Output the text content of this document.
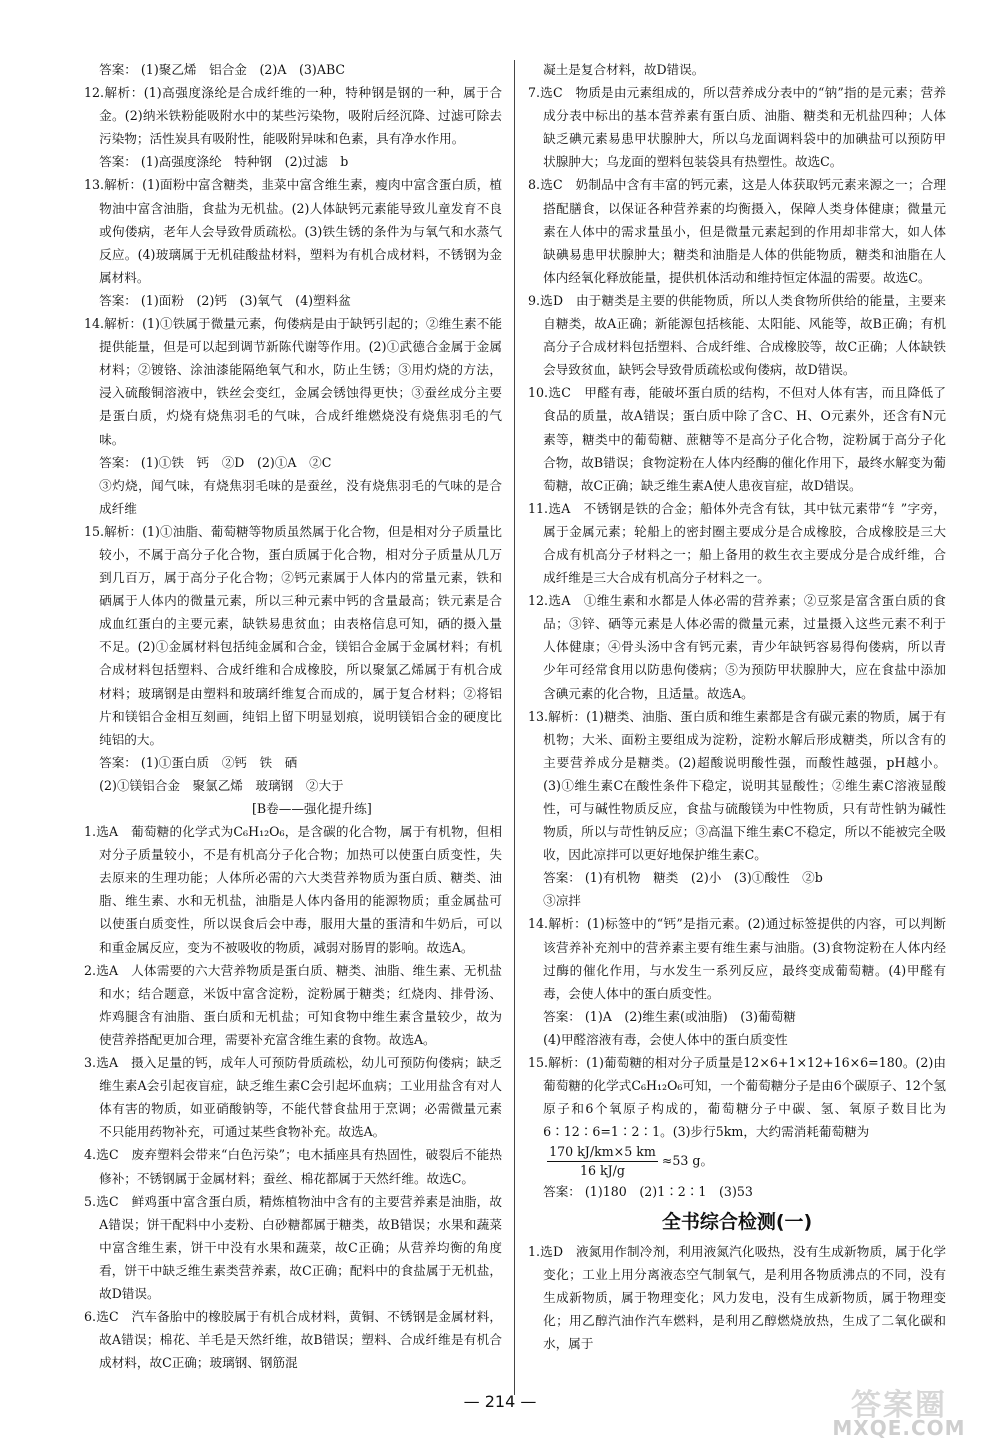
答案： (1)聚乙烯　铝合金　(2)A　(3)ABC

12.解析：(1)高强度涤纶是合成纤维的一种，特种钢是钢的一种，属于合金。(2)纳米铁粉能吸附水中的某些污染物，吸附后经沉降、过滤可除去污染物；活性炭具有吸附性，能吸附异味和色素，具有净水作用。

答案： (1)高强度涤纶　特种钢　(2)过滤　b

13.解析：(1)面粉中富含糖类，韭菜中富含维生素，瘦肉中富含蛋白质，植物油中富含油脂，食盐为无机盐。(2)人体缺钙元素能导致儿童发育不良或佝偻病，老年人会导致骨质疏松。(3)铁生锈的条件为与氧气和水蒸气反应。(4)玻璃属于无机硅酸盐材料，塑料为有机合成材料，不锈钢为金属材料。

答案： (1)面粉　(2)钙　(3)氧气　(4)塑料盆

14.解析：(1)①铁属于微量元素，佝偻病是由于缺钙引起的；②维生素不能提供能量，但是可以起到调节新陈代谢等作用。(2)①武德合金属于金属材料；②镀铬、涂油漆能隔绝氧气和水，防止生锈；③用灼烧的方法，浸入硫酸铜溶液中，铁丝会变红，金属会锈蚀得更快；③蚕丝成分主要是蛋白质，灼烧有烧焦羽毛的气味，合成纤维燃烧没有烧焦羽毛的气味。

答案： (1)①铁　钙　②D　(2)①A　②C

③灼烧，闻气味，有烧焦羽毛味的是蚕丝，没有烧焦羽毛的气味的是合成纤维

15.解析：(1)①油脂、葡萄糖等物质虽然属于化合物，但是相对分子质量比较小，不属于高分子化合物，蛋白质属于化合物，相对分子质量从几万到几百万，属于高分子化合物；②钙元素属于人体内的常量元素，铁和硒属于人体内的微量元素，所以三种元素中钙的含量最高；铁元素是合成血红蛋白的主要元素，缺铁易患贫血；由表格信息可知，硒的摄入量不足。(2)①金属材料包括纯金属和合金，镁铝合金属于金属材料；有机合成材料包括塑料、合成纤维和合成橡胶，所以聚氯乙烯属于有机合成材料；玻璃钢是由塑料和玻璃纤维复合而成的，属于复合材料；②将铝片和镁铝合金相互刻画，纯铝上留下明显划痕，说明镁铝合金的硬度比纯铝的大。

答案： (1)①蛋白质　②钙　铁　硒

(2)①镁铝合金　聚氯乙烯　玻璃钢　②大于

[B卷——强化提升练]

1.选A　葡萄糖的化学式为C₆H₁₂O₆，是含碳的化合物，属于有机物，但相对分子质量较小，不是有机高分子化合物；加热可以使蛋白质变性，失去原来的生理功能；人体所必需的六大类营养物质为蛋白质、糖类、油脂、维生素、水和无机盐，油脂是人体内备用的能源物质；重金属盐可以使蛋白质变性，所以误食后会中毒，服用大量的蛋清和牛奶后，可以和重金属反应，变为不被吸收的物质，减弱对肠胃的影响。故选A。

2.选A　人体需要的六大营养物质是蛋白质、糖类、油脂、维生素、无机盐和水；结合题意，米饭中富含淀粉，淀粉属于糖类；红烧肉、排骨汤、炸鸡腿含有油脂、蛋白质和无机盐；可知食物中维生素含量较少，故为使营养搭配更加合理，需要补充富含维生素的食物。故选A。

3.选A　摄入足量的钙，成年人可预防骨质疏松，幼儿可预防佝偻病；缺乏维生素A会引起夜盲症，缺乏维生素C会引起坏血病；工业用盐含有对人体有害的物质，如亚硝酸钠等，不能代替食盐用于烹调；必需微量元素不只能用药物补充，可通过某些食物补充。故选A。

4.选C　废弃塑料会带来“白色污染”；电木插座具有热固性，破裂后不能热修补；不锈钢属于金属材料；蚕丝、棉花都属于天然纤维。故选C。

5.选C　鲜鸡蛋中富含蛋白质，精炼植物油中含有的主要营养素是油脂，故A错误；饼干配料中小麦粉、白砂糖都属于糖类，故B错误；水果和蔬菜中富含维生素，饼干中没有水果和蔬菜，故C正确；从营养均衡的角度看，饼干中缺乏维生素类营养素，故C正确；配料中的食盐属于无机盐，故D错误。

6.选C　汽车备胎中的橡胶属于有机合成材料，黄铜、不锈钢是金属材料，故A错误；棉花、羊毛是天然纤维，故B错误；塑料、合成纤维是有机合成材料，故C正确；玻璃钢、钢筋混

凝土是复合材料，故D错误。

7.选C　物质是由元素组成的，所以营养成分表中的“钠”指的是元素；营养成分表中标出的基本营养素有蛋白质、油脂、糖类和无机盐四种；人体缺乏碘元素易患甲状腺肿大，所以乌龙面调料袋中的加碘盐可以预防甲状腺肿大；乌龙面的塑料包装袋具有热塑性。故选C。

8.选C　奶制品中含有丰富的钙元素，这是人体获取钙元素来源之一；合理搭配膳食，以保证各种营养素的均衡摄入，保障人类身体健康；微量元素在人体中的需求量虽小，但是微量元素起到的作用却非常大，如人体缺碘易患甲状腺肿大；糖类和油脂是人体的供能物质，糖类和油脂在人体内经氧化释放能量，提供机体活动和维持恒定体温的需要。故选C。

9.选D　由于糖类是主要的供能物质，所以人类食物所供给的能量，主要来自糖类，故A正确；新能源包括核能、太阳能、风能等，故B正确；有机高分子合成材料包括塑料、合成纤维、合成橡胶等，故C正确；人体缺铁会导致贫血，缺钙会导致骨质疏松或佝偻病，故D错误。

10.选C　甲醛有毒，能破坏蛋白质的结构，不但对人体有害，而且降低了食品的质量，故A错误；蛋白质中除了含C、H、O元素外，还含有N元素等，糖类中的葡萄糖、蔗糖等不是高分子化合物，淀粉属于高分子化合物，故B错误；食物淀粉在人体内经酶的催化作用下，最终水解变为葡萄糖，故C正确；缺乏维生素A使人患夜盲症，故D错误。

11.选A　不锈钢是铁的合金；船体外壳含有钛，其中钛元素带“钅”字旁，属于金属元素；轮船上的密封圈主要成分是合成橡胶，合成橡胶是三大合成有机高分子材料之一；船上备用的救生衣主要成分是合成纤维，合成纤维是三大合成有机高分子材料之一。

12.选A　①维生素和水都是人体必需的营养素；②豆浆是富含蛋白质的食品；③锌、硒等元素是人体必需的微量元素，过量摄入这些元素不利于人体健康；④骨头汤中含有钙元素，青少年缺钙容易得佝偻病，所以青少年可经常食用以防患佝偻病；⑤为预防甲状腺肿大，应在食盐中添加含碘元素的化合物，且适量。故选A。

13.解析：(1)糖类、油脂、蛋白质和维生素都是含有碳元素的物质，属于有机物；大米、面粉主要组成为淀粉，淀粉水解后形成糖类，所以含有的主要营养成分是糖类。(2)超酸说明酸性强，而酸性越强，pH越小。(3)①维生素C在酸性条件下稳定，说明其显酸性；②维生素C溶液显酸性，可与碱性物质反应，食盐与硫酸镁为中性物质，只有苛性钠为碱性物质，所以与苛性钠反应；③高温下维生素C不稳定，所以不能被完全吸收，因此凉拌可以更好地保护维生素C。

答案： (1)有机物　糖类　(2)小　(3)①酸性　②b

③凉拌

14.解析：(1)标签中的“钙”是指元素。(2)通过标签提供的内容，可以判断该营养补充剂中的营养素主要有维生素与油脂。(3)食物淀粉在人体内经过酶的催化作用，与水发生一系列反应，最终变成葡萄糖。(4)甲醛有毒，会使人体中的蛋白质变性。

答案： (1)A　(2)维生素(或油脂)　(3)葡萄糖

(4)甲醛溶液有毒，会使人体中的蛋白质变性

15.解析：(1)葡萄糖的相对分子质量是12×6+1×12+16×6=180。(2)由葡萄糖的化学式C₆H₁₂O₆可知，一个葡萄糖分子是由6个碳原子、12个氢原子和6个氧原子构成的，葡萄糖分子中碳、氢、氧原子数目比为6∶12∶6=1∶2∶1。(3)步行5km，大约需消耗葡萄糖为

$\frac{170 kJ/km\times 5 km}{16 kJ/g} \approx 53$ g。

答案： (1)180　(2)1∶2∶1　(3)53

全书综合检测(一)

1.选D　液氮用作制冷剂，利用液氮汽化吸热，没有生成新物质，属于化学变化；工业上用分离液态空气制氧气，是利用各物质沸点的不同，没有生成新物质，属于物理变化；风力发电，没有生成新物质，属于物理变化；用乙醇汽油作汽车燃料，是利用乙醇燃烧放热，生成了二氧化碳和水，属于

— 214 —	答案圈
MXQE.COM
